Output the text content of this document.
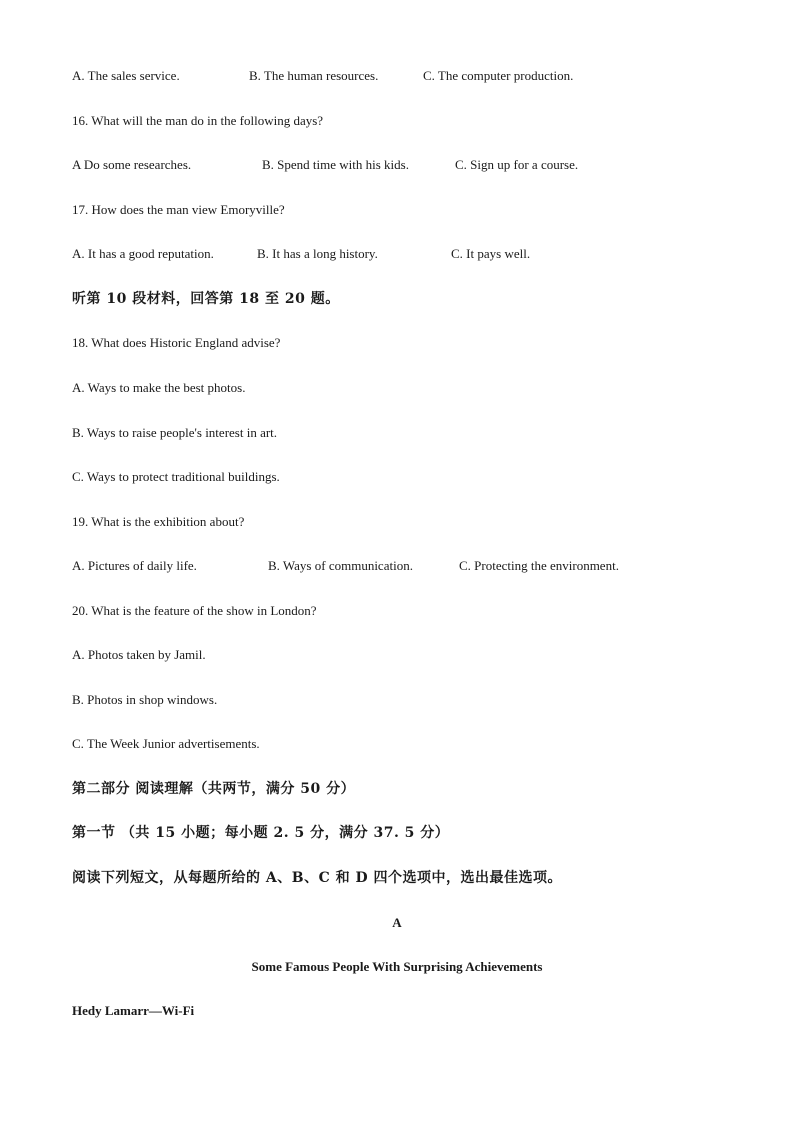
A. The sales service.	B. The human resources.	C. The computer production.
16. What will the man do in the following days?
A Do some researches.	B. Spend time with his kids.	C. Sign up for a course.
17. How does the man view Emoryville?
A. It has a good reputation.	B. It has a long history.	C. It pays well.
听第 10 段材料，回答第 18 至 20 题。
18. What does Historic England advise?
A. Ways to make the best photos.
B. Ways to raise people's interest in art.
C. Ways to protect traditional buildings.
19. What is the exhibition about?
A. Pictures of daily life.	B. Ways of communication.	C. Protecting the environment.
20. What is the feature of the show in London?
A. Photos taken by Jamil.
B. Photos in shop windows.
C. The Week Junior advertisements.
第二部分 阅读理解（共两节，满分 50 分）
第一节 （共 15 小题；每小题 2. 5 分，满分 37. 5 分）
阅读下列短文，从每题所给的 A、B、C 和 D 四个选项中，选出最佳选项。
A
Some Famous People With Surprising Achievements
Hedy Lamarr—Wi-Fi
